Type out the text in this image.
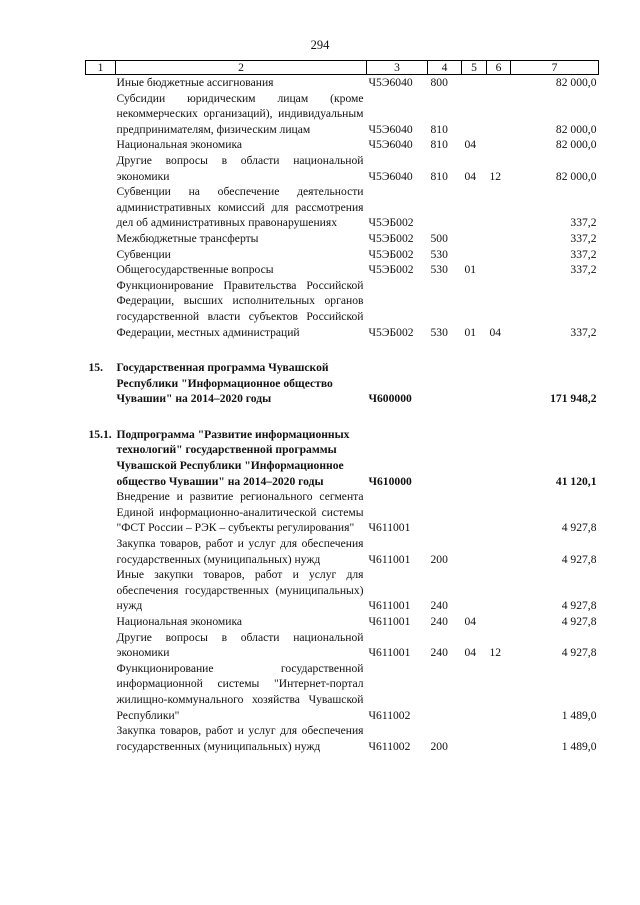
294
1	2	3	4	5	6	7
	Иные бюджетные ассигнования	Ч5Э6040	800			82 000,0
	Субсидии юридическим лицам (кроме некоммерческих организаций), индивидуальным предпринимателям, физическим лицам	Ч5Э6040	810			82 000,0
	Национальная экономика	Ч5Э6040	810	04		82 000,0
	Другие вопросы в области национальной экономики	Ч5Э6040	810	04	12	82 000,0
	Субвенции на обеспечение деятельности административных комиссий для рассмотрения дел об административных правонарушениях	Ч5ЭБ002				337,2
	Межбюджетные трансферты	Ч5ЭБ002	500			337,2
	Субвенции	Ч5ЭБ002	530			337,2
	Общегосударственные вопросы	Ч5ЭБ002	530	01		337,2
	Функционирование Правительства Российской Федерации, высших исполнительных органов государственной власти субъектов Российской Федерации, местных администраций	Ч5ЭБ002	530	01	04	337,2

15.	Государственная программа Чувашской Республики "Информационное общество Чувашии" на 2014–2020 годы	Ч600000				171 948,2

15.1.	Подпрограмма "Развитие информационных технологий" государственной программы Чувашской Республики "Информационное общество Чувашии" на 2014–2020 годы	Ч610000				41 120,1
	Внедрение и развитие регионального сегмента Единой информационно-аналитической системы "ФСТ России – РЭК – субъекты регулирования"	Ч611001				4 927,8
	Закупка товаров, работ и услуг для обеспечения государственных (муниципальных) нужд	Ч611001	200			4 927,8
	Иные закупки товаров, работ и услуг для обеспечения государственных (муниципальных) нужд	Ч611001	240			4 927,8
	Национальная экономика	Ч611001	240	04		4 927,8
	Другие вопросы в области национальной экономики	Ч611001	240	04	12	4 927,8
	Функционирование государственной информационной системы "Интернет-портал жилищно-коммунального хозяйства Чувашской Республики"	Ч611002				1 489,0
	Закупка товаров, работ и услуг для обеспечения государственных (муниципальных) нужд	Ч611002	200			1 489,0
